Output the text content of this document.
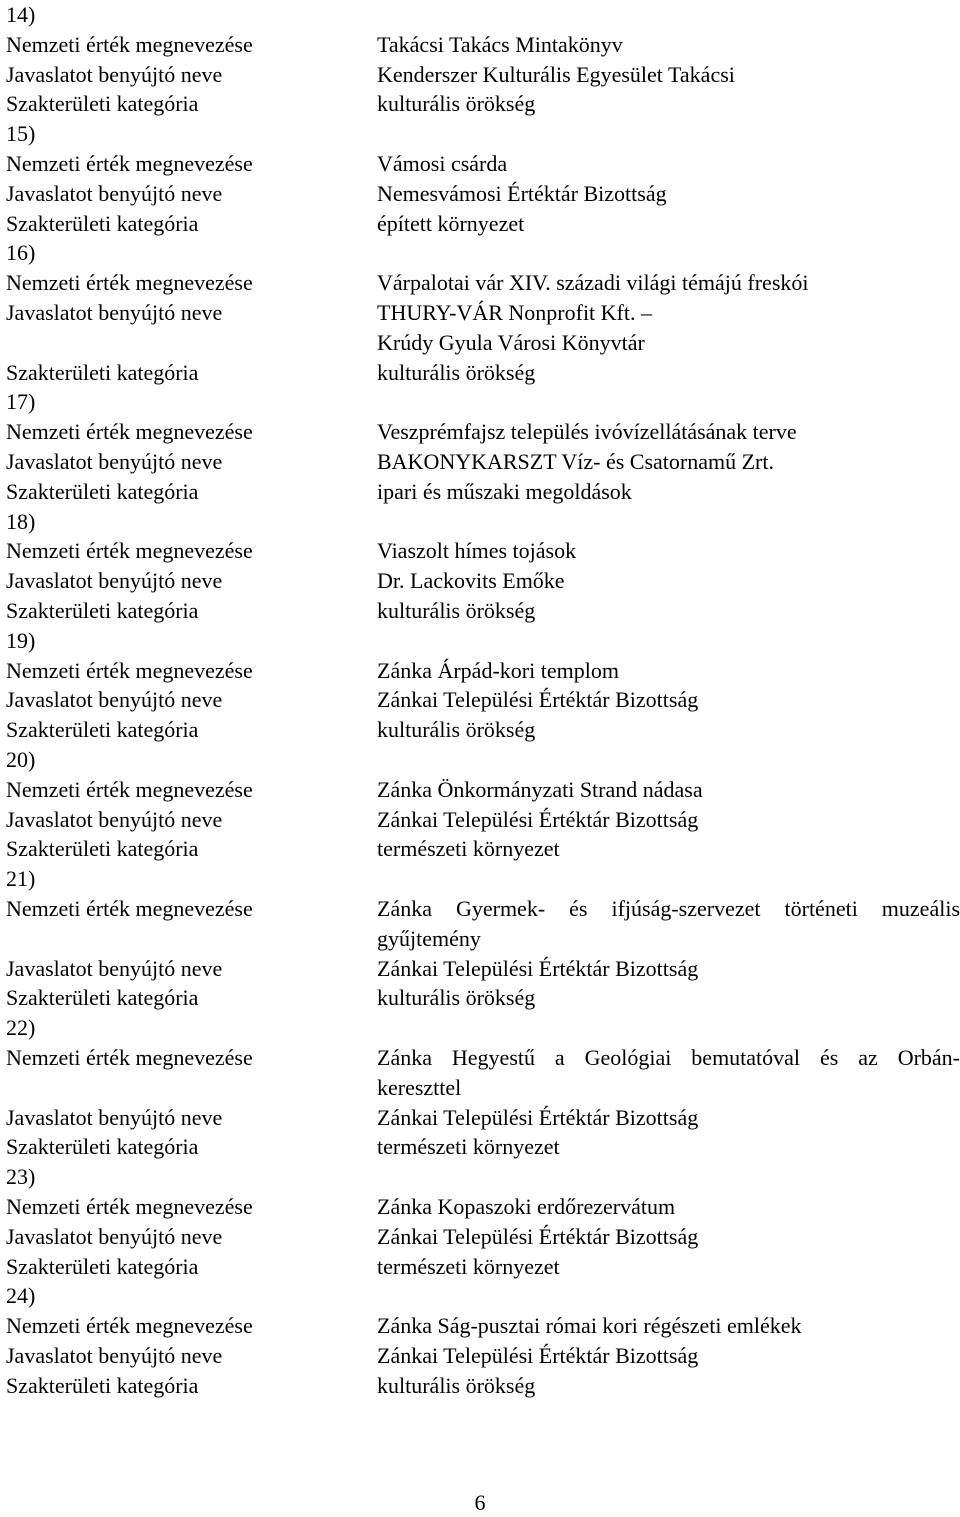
14)
Nemzeti érték megnevezése	Takácsi Takács Mintakönyv
Javaslatot benyújtó neve	Kenderszer Kulturális Egyesület Takácsi
Szakterületi kategória	kulturális örökség
15)
Nemzeti érték megnevezése	Vámosi csárda
Javaslatot benyújtó neve	Nemesvámosi Értéktár Bizottság
Szakterületi kategória	épített környezet
16)
Nemzeti érték megnevezése	Várpalotai vár XIV. századi világi témájú freskói
Javaslatot benyújtó neve	THURY-VÁR Nonprofit Kft. –
Krúdy Gyula Városi Könyvtár
Szakterületi kategória	kulturális örökség
17)
Nemzeti érték megnevezése	Veszprémfajsz település ivóvízellátásának terve
Javaslatot benyújtó neve	BAKONYKARSZT Víz- és Csatornamű Zrt.
Szakterületi kategória	ipari és műszaki megoldások
18)
Nemzeti érték megnevezése	Viaszolt hímes tojások
Javaslatot benyújtó neve	Dr. Lackovits Emőke
Szakterületi kategória	kulturális örökség
19)
Nemzeti érték megnevezése	Zánka Árpád-kori templom
Javaslatot benyújtó neve	Zánkai Települési Értéktár Bizottság
Szakterületi kategória	kulturális örökség
20)
Nemzeti érték megnevezése	Zánka Önkormányzati Strand nádasa
Javaslatot benyújtó neve	Zánkai Települési Értéktár Bizottság
Szakterületi kategória	természeti környezet
21)
Nemzeti érték megnevezése	Zánka Gyermek- és ifjúság-szervezet történeti muzeális
gyűjtemény
Javaslatot benyújtó neve	Zánkai Települési Értéktár Bizottság
Szakterületi kategória	kulturális örökség
22)
Nemzeti érték megnevezése	Zánka Hegyestű a Geológiai bemutatóval és az Orbán-
kereszttel
Javaslatot benyújtó neve	Zánkai Települési Értéktár Bizottság
Szakterületi kategória	természeti környezet
23)
Nemzeti érték megnevezése	Zánka Kopaszoki erdőrezervátum
Javaslatot benyújtó neve	Zánkai Települési Értéktár Bizottság
Szakterületi kategória	természeti környezet
24)
Nemzeti érték megnevezése	Zánka Ság-pusztai római kori régészeti emlékek
Javaslatot benyújtó neve	Zánkai Települési Értéktár Bizottság
Szakterületi kategória	kulturális örökség
6
